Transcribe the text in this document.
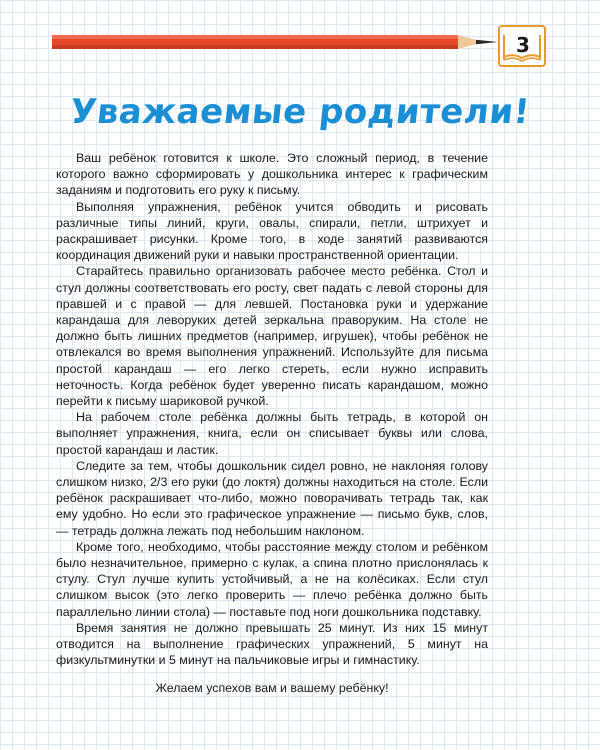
3
Уважаемые родители!

Ваш ребёнок готовится к школе. Это сложный период, в течение которого важно сформировать у дошкольника интерес к графическим заданиям и подготовить его руку к письму.

Выполняя упражнения, ребёнок учится обводить и рисовать различные типы линий, круги, овалы, спирали, петли, штрихует и раскрашивает рисунки. Кроме того, в ходе занятий развиваются координация движений руки и навыки пространственной ориентации.

Старайтесь правильно организовать рабочее место ребёнка. Стол и стул должны соответствовать его росту, свет падать с левой стороны для правшей и с правой — для левшей. Постановка руки и удержание карандаша для леворуких детей зеркальна праворуким. На столе не должно быть лишних предметов (например, игрушек), чтобы ребёнок не отвлекался во время выполнения упражнений. Используйте для письма простой карандаш — его легко стереть, если нужно исправить неточность. Когда ребёнок будет уверенно писать карандашом, можно перейти к письму шариковой ручкой.

На рабочем столе ребёнка должны быть тетрадь, в которой он выполняет упражнения, книга, если он списывает буквы или слова, простой карандаш и ластик.

Следите за тем, чтобы дошкольник сидел ровно, не наклоняя голову слишком низко, 2/3 его руки (до локтя) должны находиться на столе. Если ребёнок раскрашивает что-либо, можно поворачивать тетрадь так, как ему удобно. Но если это графическое упражнение — письмо букв, слов, — тетрадь должна лежать под небольшим наклоном.

Кроме того, необходимо, чтобы расстояние между столом и ребёнком было незначительное, примерно с кулак, а спина плотно прислонялась к стулу. Стул лучше купить устойчивый, а не на колёсиках. Если стул слишком высок (это легко проверить — плечо ребёнка должно быть параллельно линии стола) — поставьте под ноги дошкольника подставку.

Время занятия не должно превышать 25 минут. Из них 15 минут отводится на выполнение графических упражнений, 5 минут на физкультминутки и 5 минут на пальчиковые игры и гимнастику.

Желаем успехов вам и вашему ребёнку!
